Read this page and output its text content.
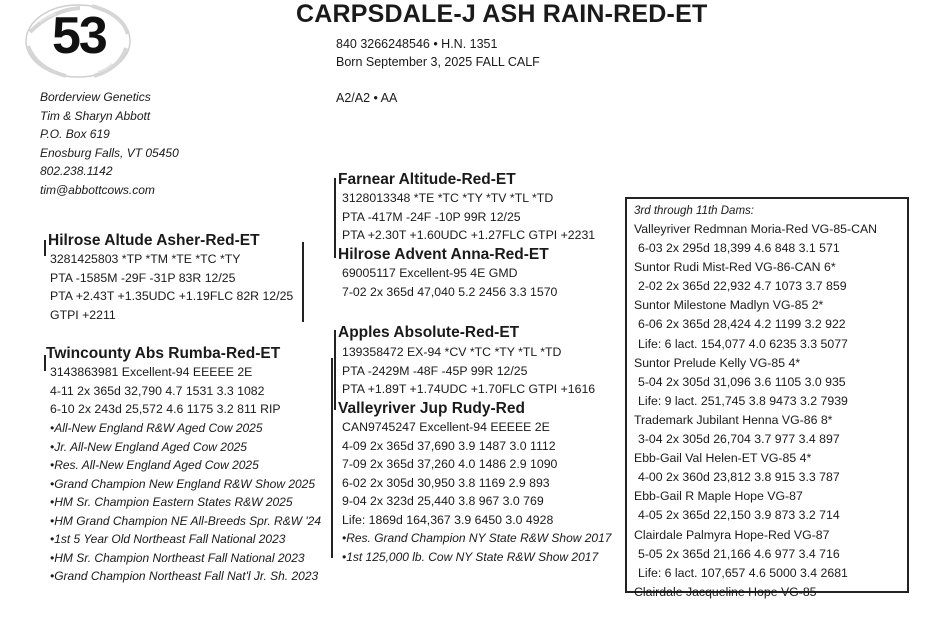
53	CARPSDALE-J ASH RAIN-RED-ET
840 3266248546 • H.N. 1351
Born September 3, 2025 FALL CALF
A2/A2 • AA
Borderview Genetics
Tim & Sharyn Abbott
P.O. Box 619
Enosburg Falls, VT 05450
802.238.1142
tim@abbottcows.com
Hilrose Altude Asher-Red-ET
3281425803 *TP *TM *TE *TC *TY
PTA -1585M -29F -31P 83R 12/25
PTA +2.43T +1.35UDC +1.19FLC 82R 12/25
GTPI +2211
Twincounty Abs Rumba-Red-ET
3143863981 Excellent-94 EEEEE 2E
4-11 2x 365d 32,790 4.7 1531 3.3 1082
6-10 2x 243d 25,572 4.6 1175 3.2 811 RIP
•All-New England R&W Aged Cow 2025
•Jr. All-New England Aged Cow 2025
•Res. All-New England Aged Cow 2025
•Grand Champion New England R&W Show 2025
•HM Sr. Champion Eastern States R&W 2025
•HM Grand Champion NE All-Breeds Spr. R&W '24
•1st 5 Year Old Northeast Fall National 2023
•HM Sr. Champion Northeast Fall National 2023
•Grand Champion Northeast Fall Nat'l Jr. Sh. 2023
Farnear Altitude-Red-ET
3128013348 *TE *TC *TY *TV *TL *TD
PTA -417M -24F -10P 99R 12/25
PTA +2.30T +1.60UDC +1.27FLC GTPI +2231
Hilrose Advent Anna-Red-ET
69005117 Excellent-95 4E GMD
7-02 2x 365d 47,040 5.2 2456 3.3 1570
Apples Absolute-Red-ET
139358472 EX-94 *CV *TC *TY *TL *TD
PTA -2429M -48F -45P 99R 12/25
PTA +1.89T +1.74UDC +1.70FLC GTPI +1616
Valleyriver Jup Rudy-Red
CAN9745247 Excellent-94 EEEEE 2E
4-09 2x 365d 37,690 3.9 1487 3.0 1112
7-09 2x 365d 37,260 4.0 1486 2.9 1090
6-02 2x 305d 30,950 3.8 1169 2.9 893
9-04 2x 323d 25,440 3.8 967 3.0 769
Life: 1869d 164,367 3.9 6450 3.0 4928
•Res. Grand Champion NY State R&W Show 2017
•1st 125,000 lb. Cow NY State R&W Show 2017
3rd through 11th Dams:
Valleyriver Redmnan Moria-Red VG-85-CAN
6-03 2x 295d 18,399 4.6 848 3.1 571
Suntor Rudi Mist-Red VG-86-CAN 6*
2-02 2x 365d 22,932 4.7 1073 3.7 859
Suntor Milestone Madlyn VG-85 2*
6-06 2x 365d 28,424 4.2 1199 3.2 922
Life: 6 lact. 154,077 4.0 6235 3.3 5077
Suntor Prelude Kelly VG-85 4*
5-04 2x 305d 31,096 3.6 1105 3.0 935
Life: 9 lact. 251,745 3.8 9473 3.2 7939
Trademark Jubilant Henna VG-86 8*
3-04 2x 305d 26,704 3.7 977 3.4 897
Ebb-Gail Val Helen-ET VG-85 4*
4-00 2x 360d 23,812 3.8 915 3.3 787
Ebb-Gail R Maple Hope VG-87
4-05 2x 365d 22,150 3.9 873 3.2 714
Clairdale Palmyra Hope-Red VG-87
5-05 2x 365d 21,166 4.6 977 3.4 716
Life: 6 lact. 107,657 4.6 5000 3.4 2681
Clairdale Jacqueline Hope VG-85
